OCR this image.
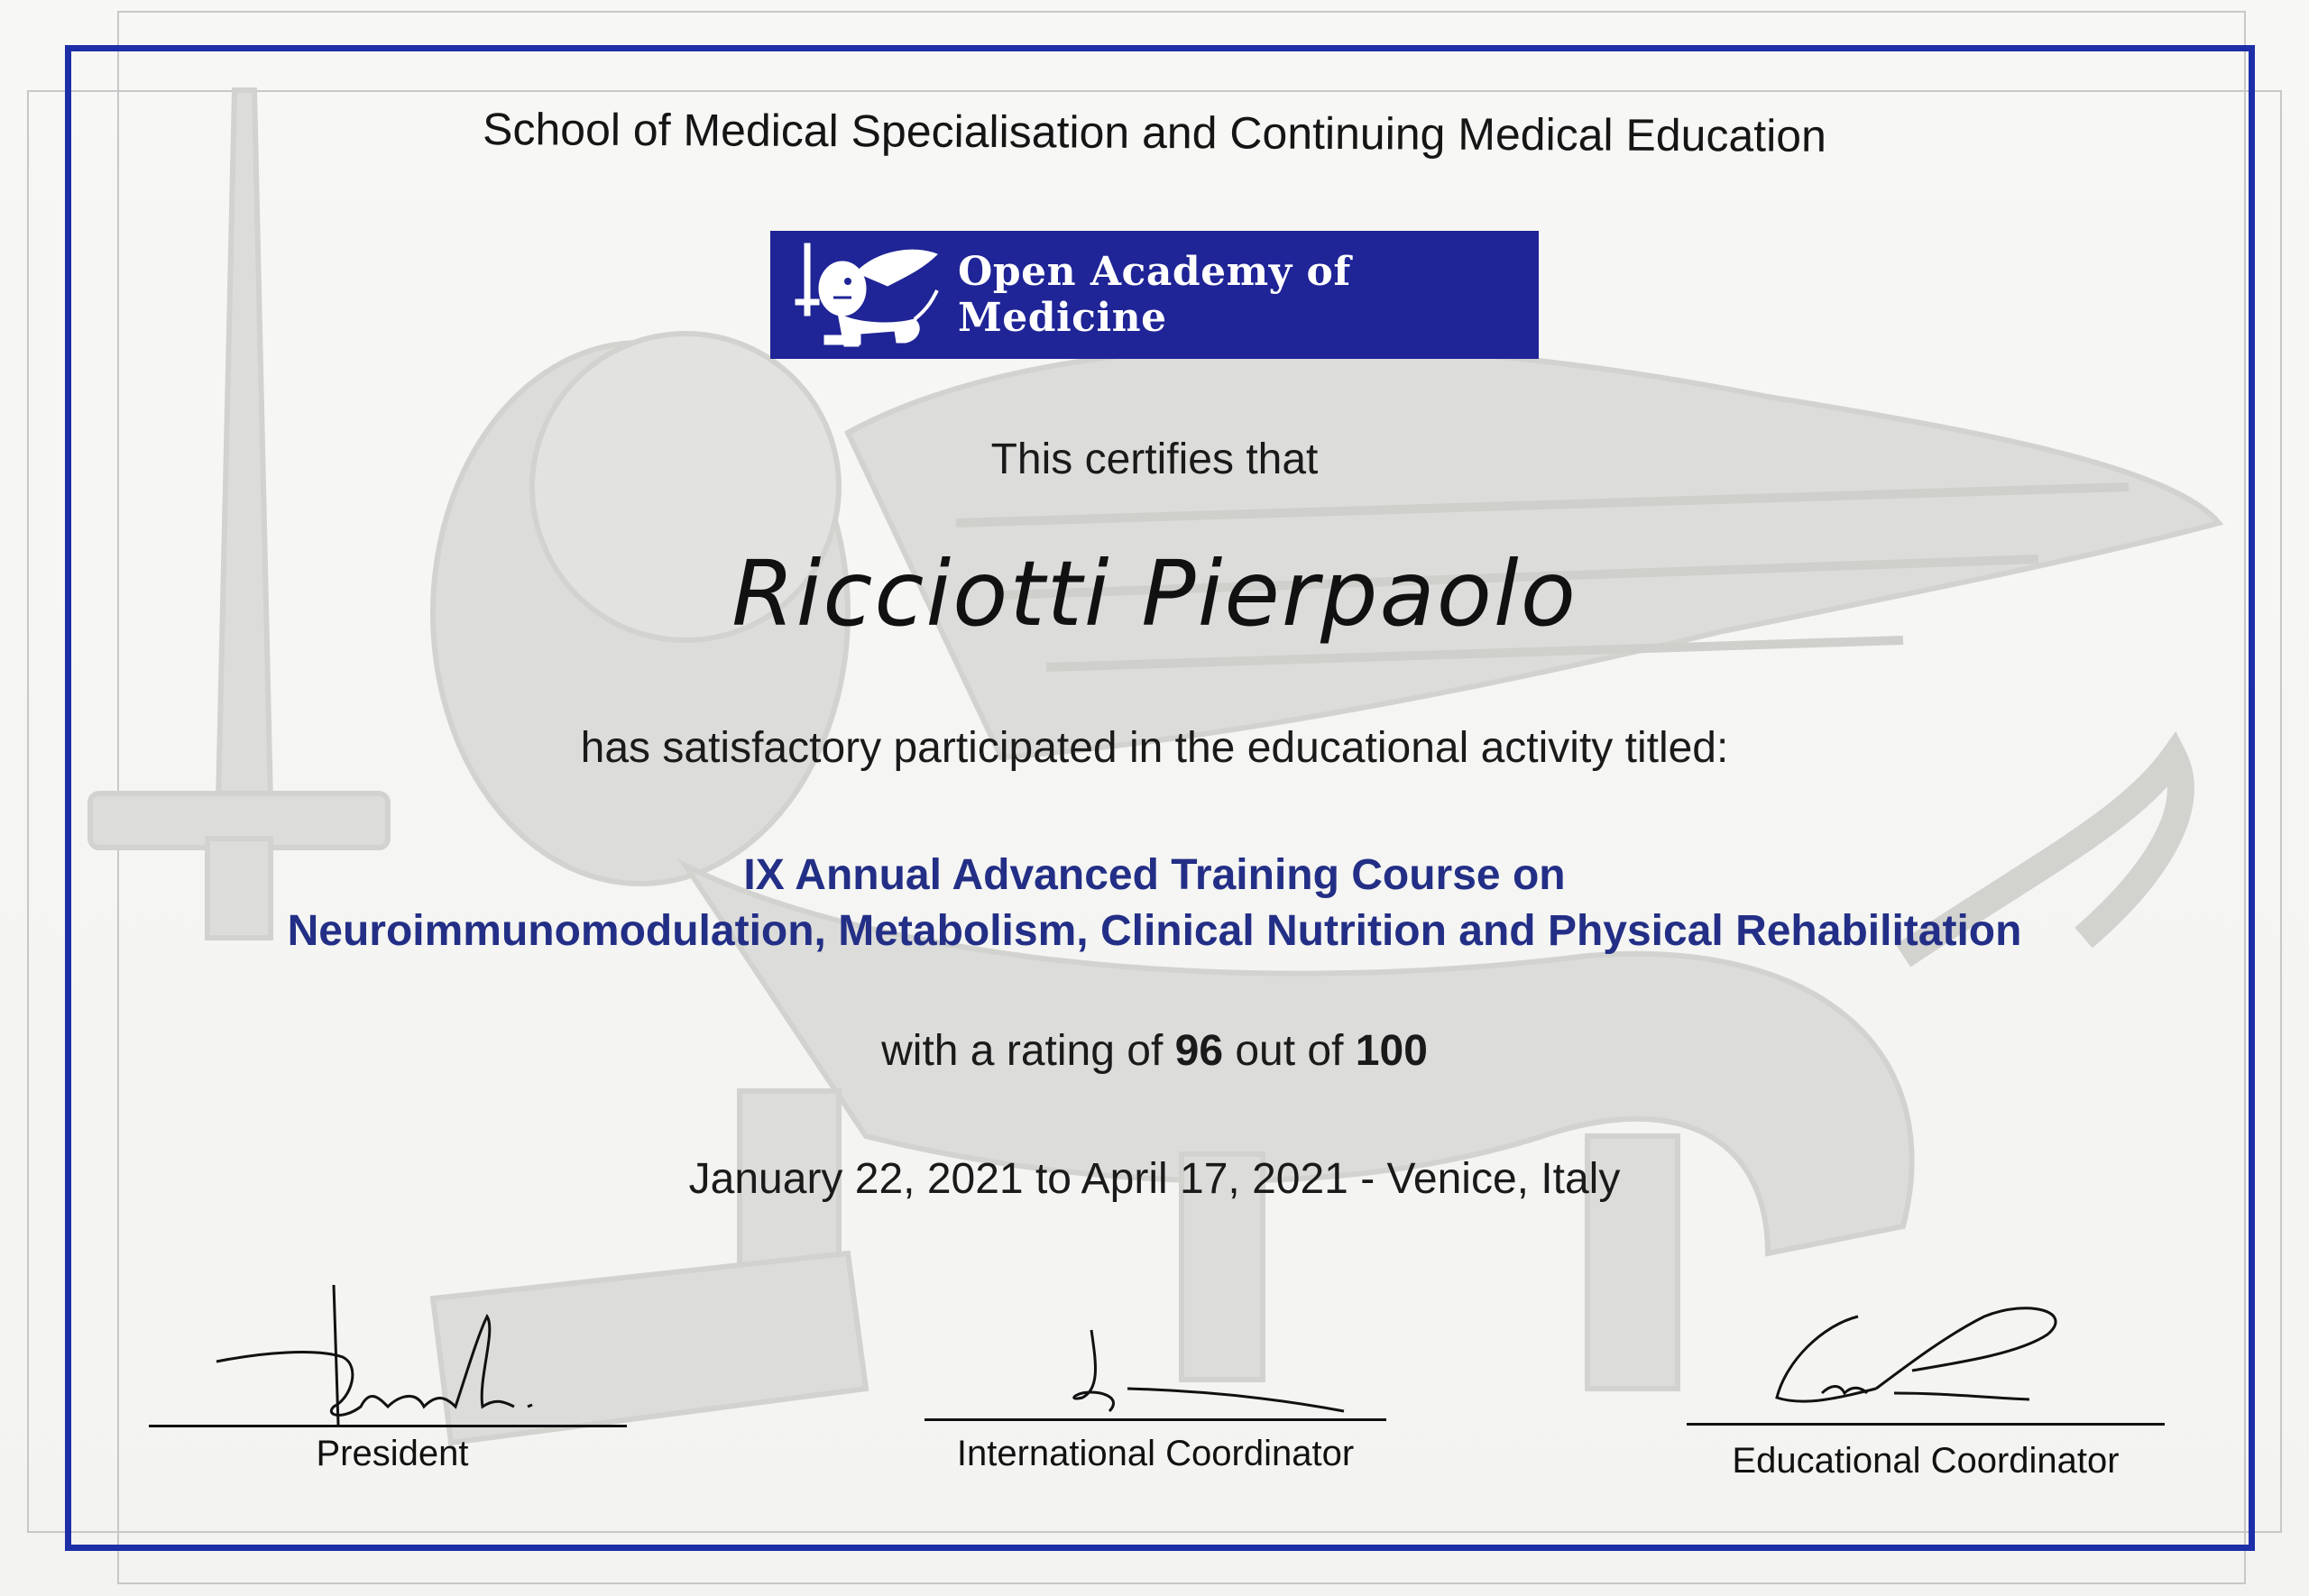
School of Medical Specialisation and Continuing Medical Education
Open Academy of Medicine
This certifies that
Ricciotti Pierpaolo
has satisfactory participated in the educational activity titled:
IX Annual Advanced Training Course on
Neuroimmunomodulation, Metabolism, Clinical Nutrition and Physical Rehabilitation
with a rating of 96 out of 100
January 22, 2021 to April 17, 2021 - Venice, Italy
President	International Coordinator	Educational Coordinator
